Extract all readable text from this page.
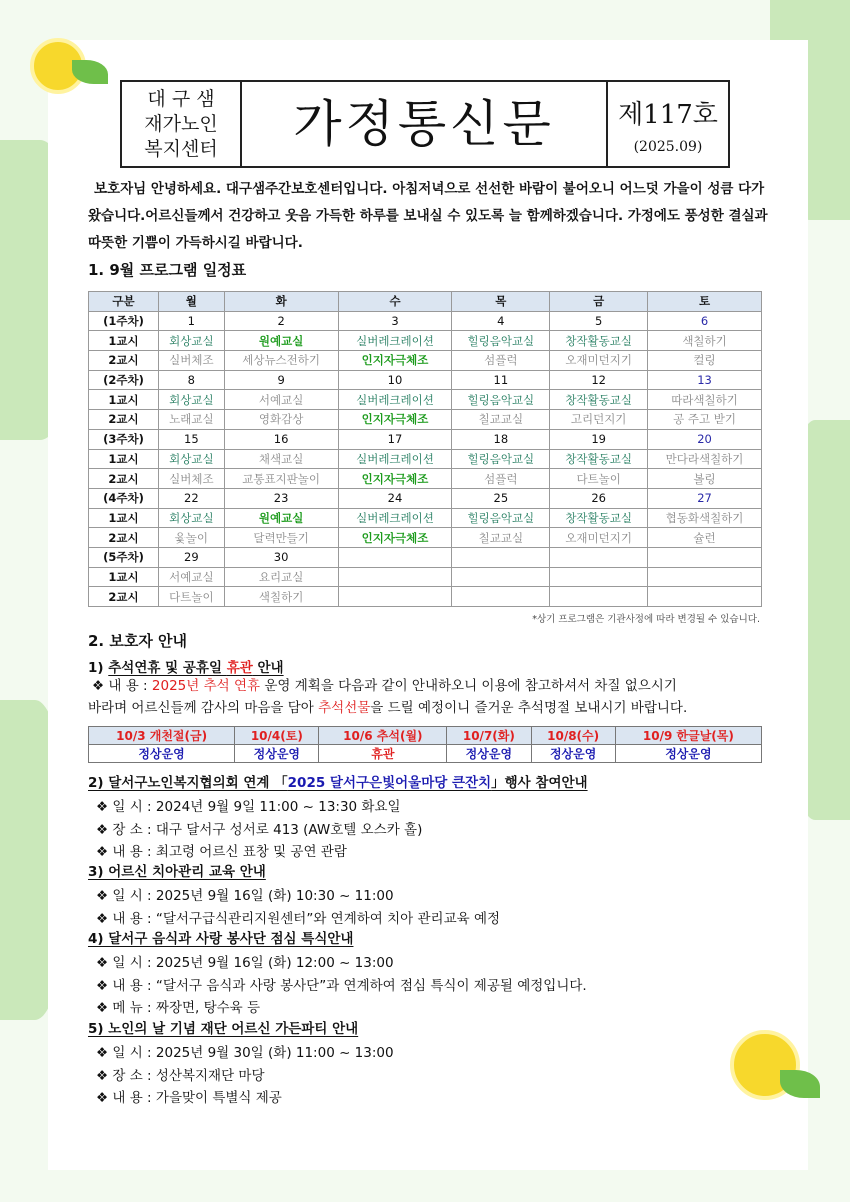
대 구 샘
재가노인
복지센터	가정통신문	제117호
(2025.09)
보호자님 안녕하세요. 대구샘주간보호센터입니다. 아침저녁으로 선선한 바람이 불어오니 어느덧 가을이 성큼 다가왔습니다.어르신들께서 건강하고 웃음 가득한 하루를 보내실 수 있도록 늘 함께하겠습니다. 가정에도 풍성한 결실과 따뜻한 기쁨이 가득하시길 바랍니다.
1. 9월 프로그램 일정표
구분	월	화	수	목	금	토
(1주차)	1	2	3	4	5	6
1교시	회상교실	원예교실	실버레크레이션	힐링음악교실	창작활동교실	색칠하기
2교시	실버체조	세상뉴스전하기	인지자극체조	섬플럭	오재미던지기	컬링
(2주차)	8	9	10	11	12	13
1교시	회상교실	서예교실	실버레크레이션	힐링음악교실	창작활동교실	따라색칠하기
2교시	노래교실	영화감상	인지자극체조	칠교교실	고리던지기	공 주고 받기
(3주차)	15	16	17	18	19	20
1교시	회상교실	채색교실	실버레크레이션	힐링음악교실	창작활동교실	만다라색칠하기
2교시	실버체조	교통표지판놀이	인지자극체조	섬플럭	다트놀이	볼링
(4주차)	22	23	24	25	26	27
1교시	회상교실	원예교실	실버레크레이션	힐링음악교실	창작활동교실	협동화색칠하기
2교시	윷놀이	달력만들기	인지자극체조	칠교교실	오재미던지기	슐런
(5주차)	29	30				
1교시	서예교실	요리교실				
2교시	다트놀이	색칠하기				
*상기 프로그램은 기관사정에 따라 변경될 수 있습니다.
2. 보호자 안내
1) 추석연휴 및 공휴일 휴관 안내
❖ 내 용 : 2025년 추석 연휴 운영 계획을 다음과 같이 안내하오니 이용에 참고하셔서 차질 없으시기
바라며 어르신들께 감사의 마음을 담아 추석선물을 드릴 예정이니 즐거운 추석명절 보내시기 바랍니다.
10/3 개천절(금)	10/4(토)	10/6 추석(월)	10/7(화)	10/8(수)	10/9 한글날(목)
정상운영	정상운영	휴관	정상운영	정상운영	정상운영
2) 달서구노인복지협의회 연계 「2025 달서구은빛어울마당 큰잔치」행사 참여안내
❖ 일 시 : 2024년 9월 9일 11:00 ~ 13:30 화요일
❖ 장 소 : 대구 달서구 성서로 413 (AW호텔 오스카 홀)
❖ 내 용 : 최고령 어르신 표창 및 공연 관람
❖ 일 시 : 2025년 9월 16일 (화) 10:30 ~ 11:00
❖ 내 용 : “달서구급식관리지원센터”와 연계하여 치아 관리교육 예정
❖ 일 시 : 2025년 9월 16일 (화) 12:00 ~ 13:00
❖ 내 용 : “달서구 음식과 사랑 봉사단”과 연계하여 점심 특식이 제공될 예정입니다.
❖ 메 뉴 : 짜장면, 탕수육 등
❖ 일 시 : 2025년 9월 30일 (화) 11:00 ~ 13:00
❖ 장 소 : 성산복지재단 마당
❖ 내 용 : 가을맞이 특별식 제공
3) 어르신 치아관리 교육 안내
4) 달서구 음식과 사랑 봉사단 점심 특식안내
5) 노인의 날 기념 재단 어르신 가든파티 안내
